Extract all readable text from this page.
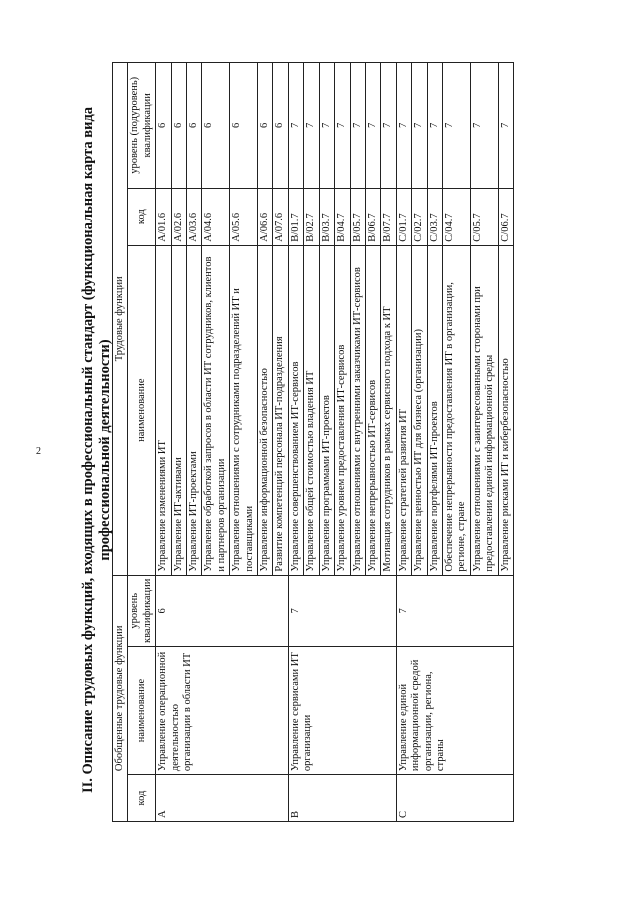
2	II. Описание трудовых функций, входящих в профессиональный стандарт (функциональная карта вида профессиональной деятельности)
Обобщенные трудовые функции			Трудовые функции		
код	наименование	уровень квалификации	наименование	код	уровень (подуровень) квалификации
A	Управление операционной деятельностью организации в области ИТ	6	Управление изменениями ИТ	A/01.6	6
			Управление ИТ-активами	A/02.6	6
			Управление ИТ-проектами	A/03.6	6
			Управление обработкой запросов в области ИТ сотрудников, клиентов и партнеров организации	A/04.6	6
			Управление отношениями с сотрудниками подразделений ИТ и поставщиками	A/05.6	6
			Управление информационной безопасностью	A/06.6	6
			Развитие компетенций персонала ИТ-подразделения	A/07.6	6
B	Управление сервисами ИТ организации	7	Управление совершенствованием ИТ-сервисов	B/01.7	7
			Управление общей стоимостью владения ИТ	B/02.7	7
			Управление программами ИТ-проектов	B/03.7	7
			Управление уровнем предоставления ИТ-сервисов	B/04.7	7
			Управление отношениями с внутренними заказчиками ИТ-сервисов	B/05.7	7
			Управление непрерывностью ИТ-сервисов	B/06.7	7
			Мотивация сотрудников в рамках сервисного подхода к ИТ	B/07.7	7
C	Управление единой информационной средой организации, региона, страны	7	Управление стратегией развития ИТ	C/01.7	7
			Управление ценностью ИТ для бизнеса (организации)	C/02.7	7
			Управление портфелями ИТ-проектов	C/03.7	7
			Обеспечение непрерывности предоставления ИТ в организации, регионе, стране	C/04.7	7
			Управление отношениями с заинтересованными сторонами при предоставлении единой информационной среды	C/05.7	7
			Управление рисками ИТ и кибербезопасностью	C/06.7	7
